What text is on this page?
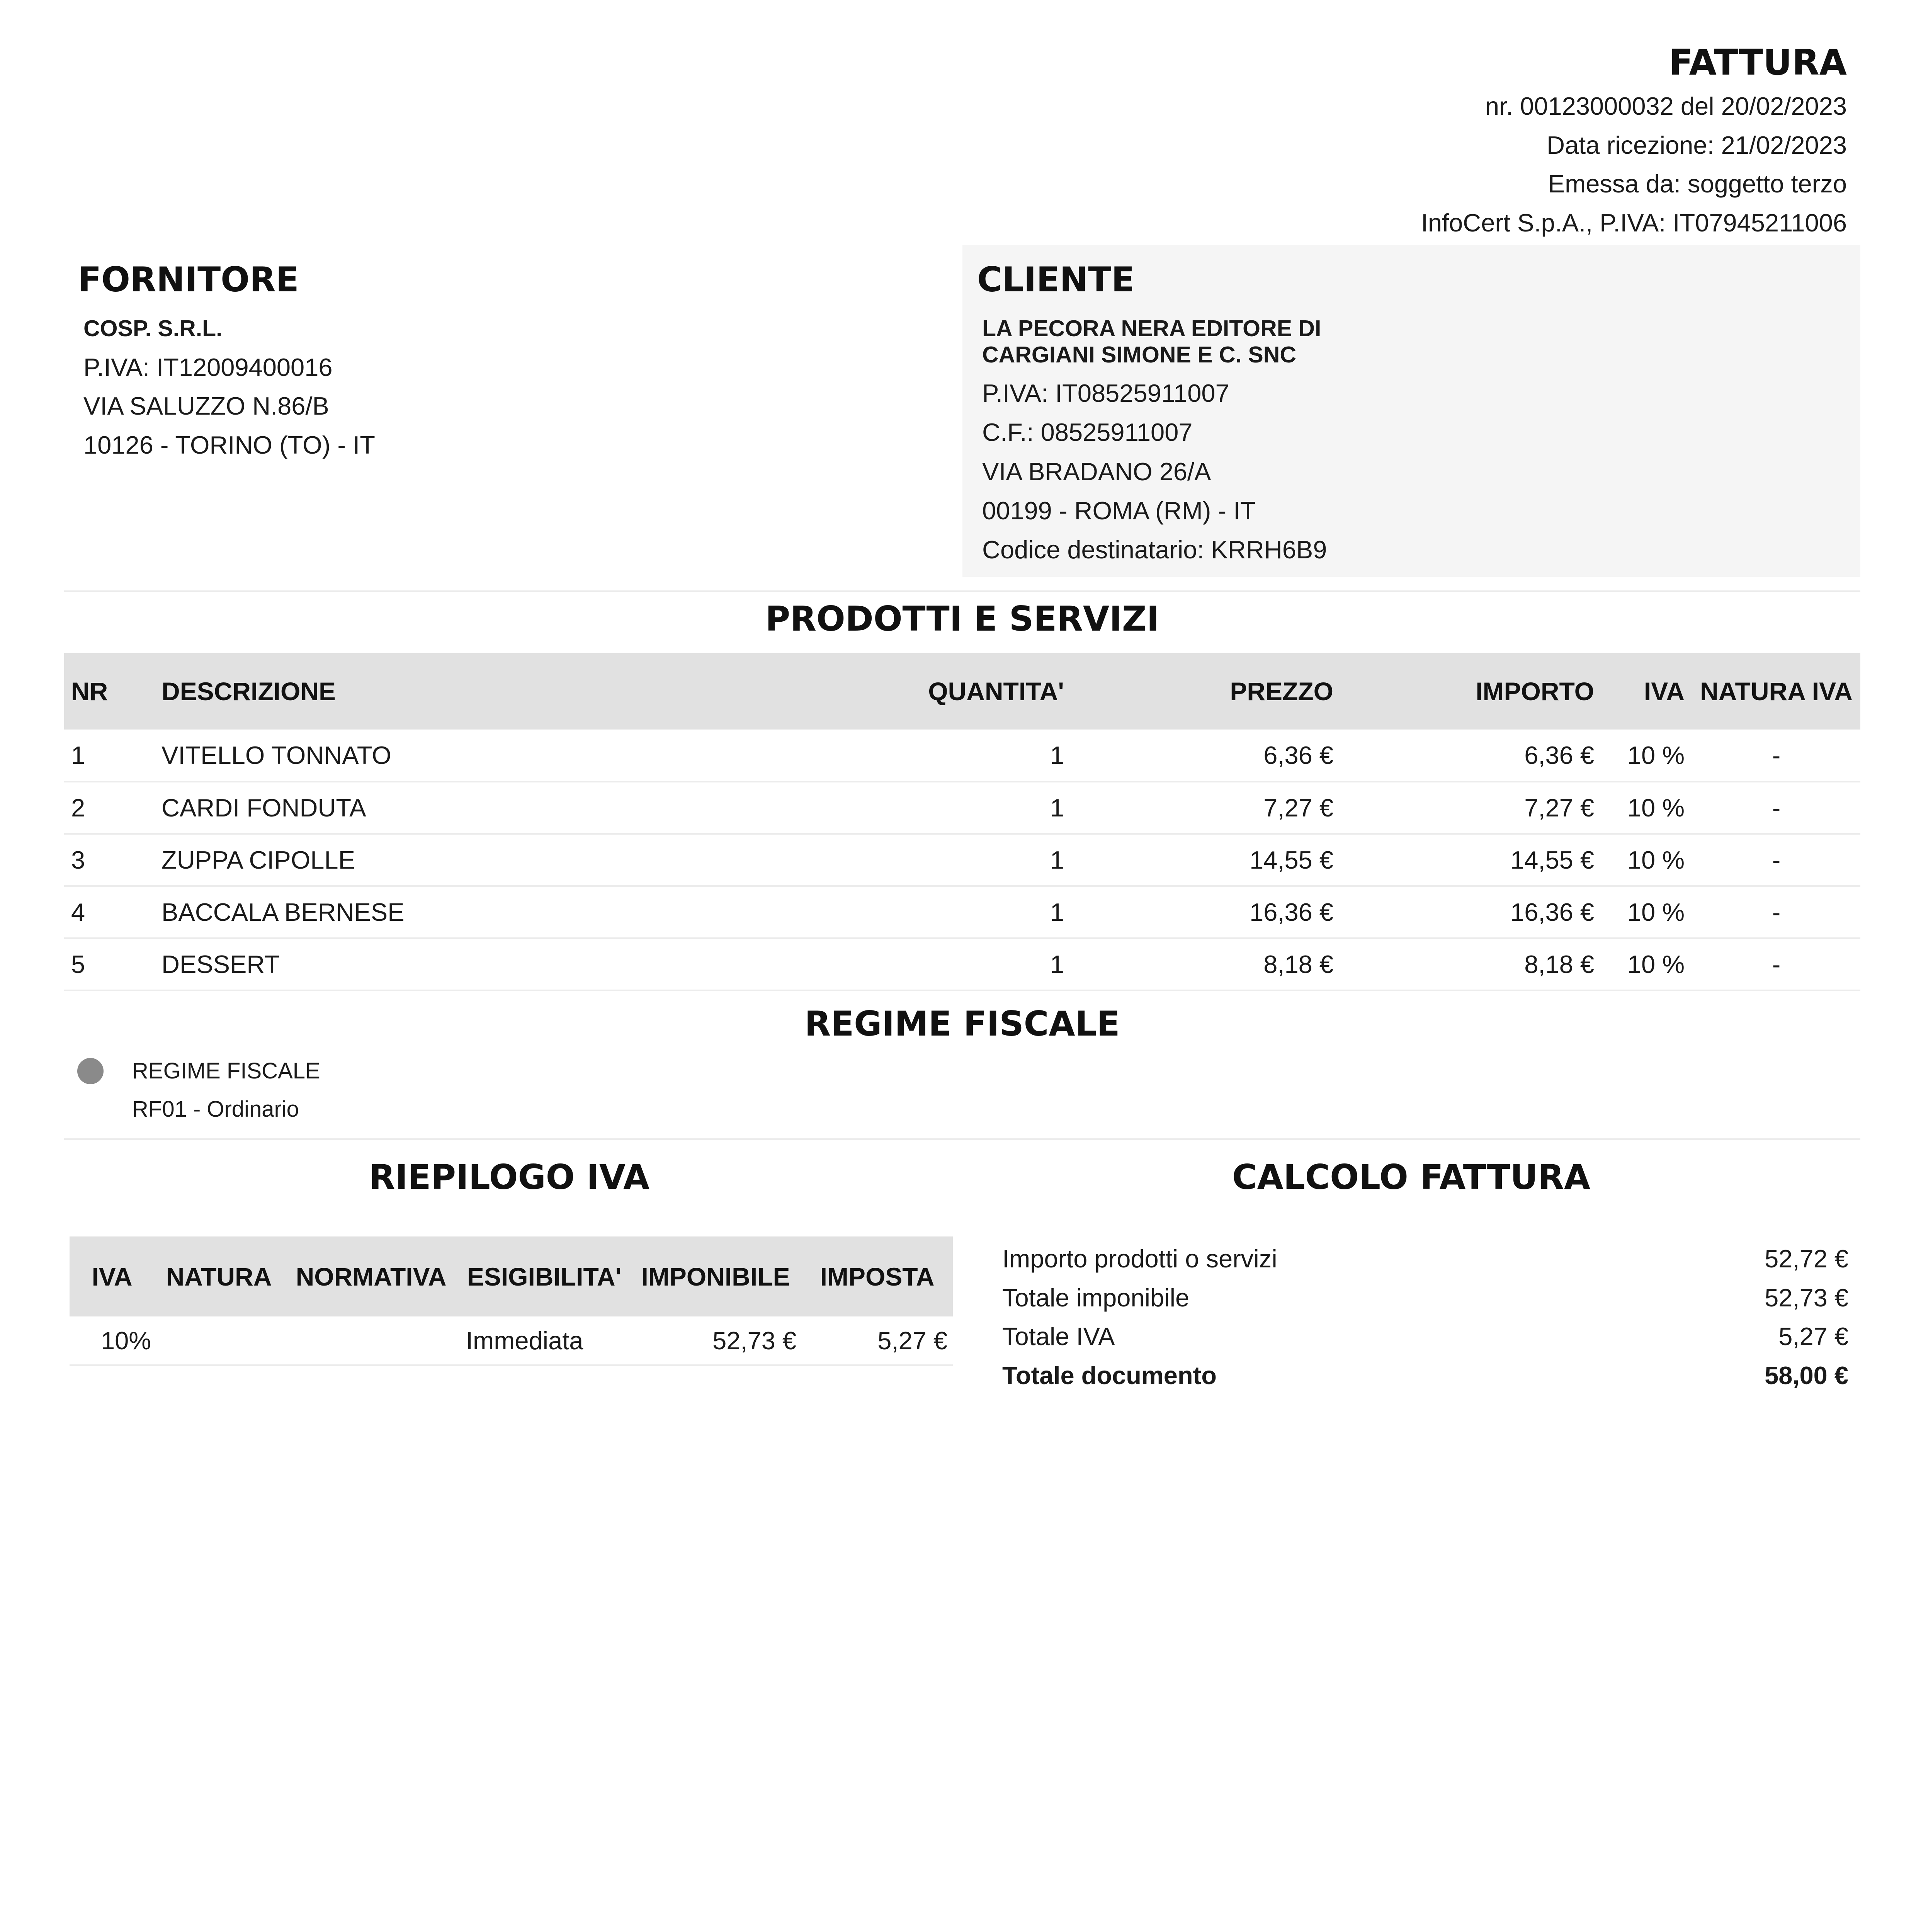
FATTURA
nr. 00123000032 del 20/02/2023
Data ricezione: 21/02/2023
Emessa da: soggetto terzo
InfoCert S.p.A., P.IVA: IT07945211006
FORNITORE
COSP. S.R.L.
P.IVA: IT12009400016
VIA SALUZZO N.86/B
10126 - TORINO (TO) - IT
CLIENTE
LA PECORA NERA EDITORE DI
CARGIANI SIMONE E C. SNC
P.IVA: IT08525911007
C.F.: 08525911007
VIA BRADANO 26/A
00199 - ROMA (RM) - IT
Codice destinatario: KRRH6B9
PRODOTTI E SERVIZI
NR	DESCRIZIONE	QUANTITA'	PREZZO	IMPORTO	IVA	NATURA IVA
1	VITELLO TONNATO	1	6,36 €	6,36 €	10 %	-
2	CARDI FONDUTA	1	7,27 €	7,27 €	10 %	-
3	ZUPPA CIPOLLE	1	14,55 €	14,55 €	10 %	-
4	BACCALA BERNESE	1	16,36 €	16,36 €	10 %	-
5	DESSERT	1	8,18 €	8,18 €	10 %	-
REGIME FISCALE
REGIME FISCALE
RF01 - Ordinario
RIEPILOGO IVA
IVA	NATURA	NORMATIVA	ESIGIBILITA'	IMPONIBILE	IMPOSTA
10%			Immediata	52,73 €	5,27 €
CALCOLO FATTURA
Importo prodotti o servizi	52,72 €
Totale imponibile	52,73 €
Totale IVA	5,27 €
Totale documento	58,00 €
